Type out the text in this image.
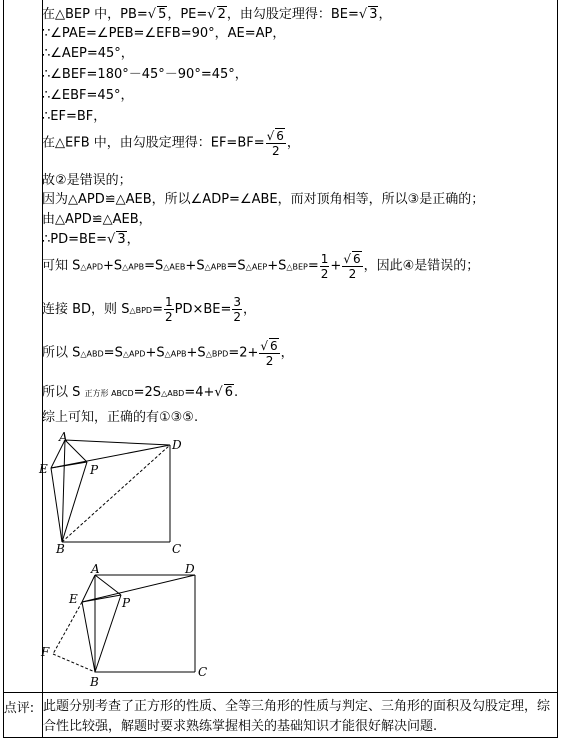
在△BEP 中，PB=√ 5，PE=√ 2，由勾股定理得：BE=√ 3，
∵∠PAE=∠PEB=∠EFB=90°，AE=AP，
∴∠AEP=45°，
∴∠BEF=180°－45°－90°=45°，
∴∠EBF=45°，
∴EF=BF，
在△EFB 中，由勾股定理得：$EF=BF= \frac{√ 6}{2}$ ，
故②是错误的；
因为△APD≌△AEB，所以∠ADP=∠ABE，而对顶角相等，所以③是正确的；
由△APD≌△AEB，
∴PD=BE=√ 3，
可知 S△APD+S△APB=S△AEB+S△APB=S△AEP+S△BEP= $\frac{1}{2} + \frac{√ 6}{2}$ ，因此④是错误的；
连接 BD，则 S△BPD= $\frac{1}{2} PD\times BE= \frac{3}{2}$ ，
所以 S△ABD=S△APD+S△APB+S△BPD=2+ $\frac{√ 6}{2}$ ，
所以 S 正方形 ABCD=2S△ABD=4+√ 6.
综上可知，正确的有①③⑤.
A
D
E	P
B	C
A	D
E	P
F
B
C
点评: 此题分别考查了正方形的性质、全等三角形的性质与判定、三角形的面积及勾股定理，综合性比较强，解题时要求熟练掌握相关的基础知识才能很好解决问题.
